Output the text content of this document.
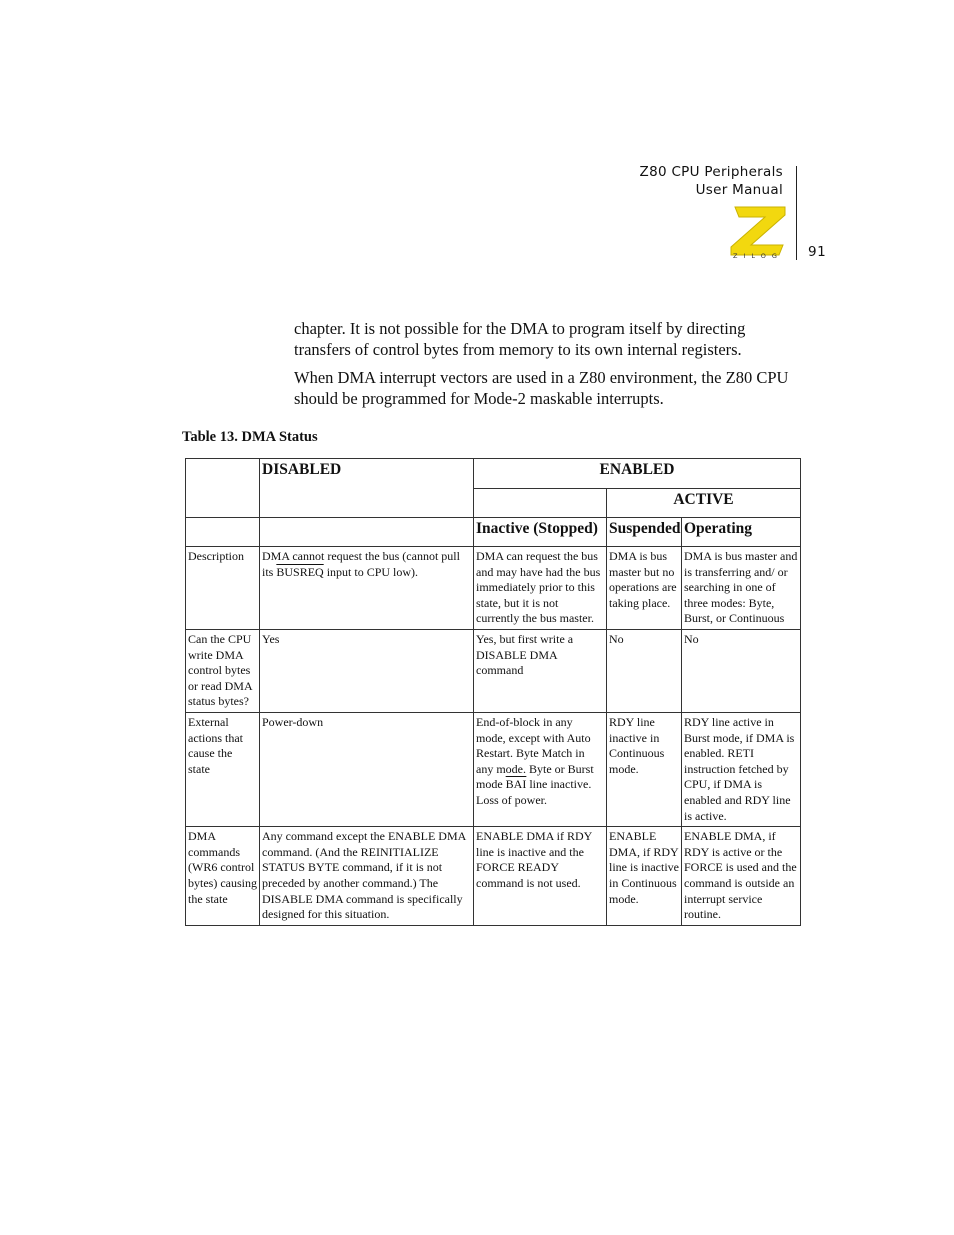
Z80 CPU Peripherals
User Manual
91
ZILOG

chapter. It is not possible for the DMA to program itself by directing transfers of control bytes from memory to its own internal registers.

When DMA interrupt vectors are used in a Z80 environment, the Z80 CPU should be programmed for Mode-2 maskable interrupts.

Table 13. DMA Status
	DISABLED	ENABLED		
			ACTIVE	
		Inactive (Stopped)	Suspended	Operating
Description	DMA cannot request the bus (cannot pull its BUSREQ input to CPU low).	DMA can request the bus and may have had the bus immediately prior to this state, but it is not currently the bus master.	DMA is bus master but no operations are taking place.	DMA is bus master and is transferring and/ or searching in one of three modes: Byte, Burst, or Continuous
Can the CPU write DMA control bytes or read DMA status bytes?	Yes	Yes, but first write a DISABLE DMA command	No	No
External actions that cause the state	Power-down	End-of-block in any mode, except with Auto Restart. Byte Match in any mode. Byte or Burst mode $\overline{BAI}$ line inactive. Loss of power.	RDY line inactive in Continuous mode.	RDY line active in Burst mode, if DMA is enabled. RETI instruction fetched by CPU, if DMA is enabled and RDY line is active.
DMA commands (WR6 control bytes) causing the state	Any command except the ENABLE DMA command. (And the REINITIALIZE STATUS BYTE command, if it is not preceded by another command.) The DISABLE DMA command is specifically designed for this situation.	ENABLE DMA if RDY line is inactive and the FORCE READY command is not used.	ENABLE DMA, if RDY line is inactive in Continuous mode.	ENABLE DMA, if RDY is active or the FORCE is used and the command is outside an interrupt service routine.
